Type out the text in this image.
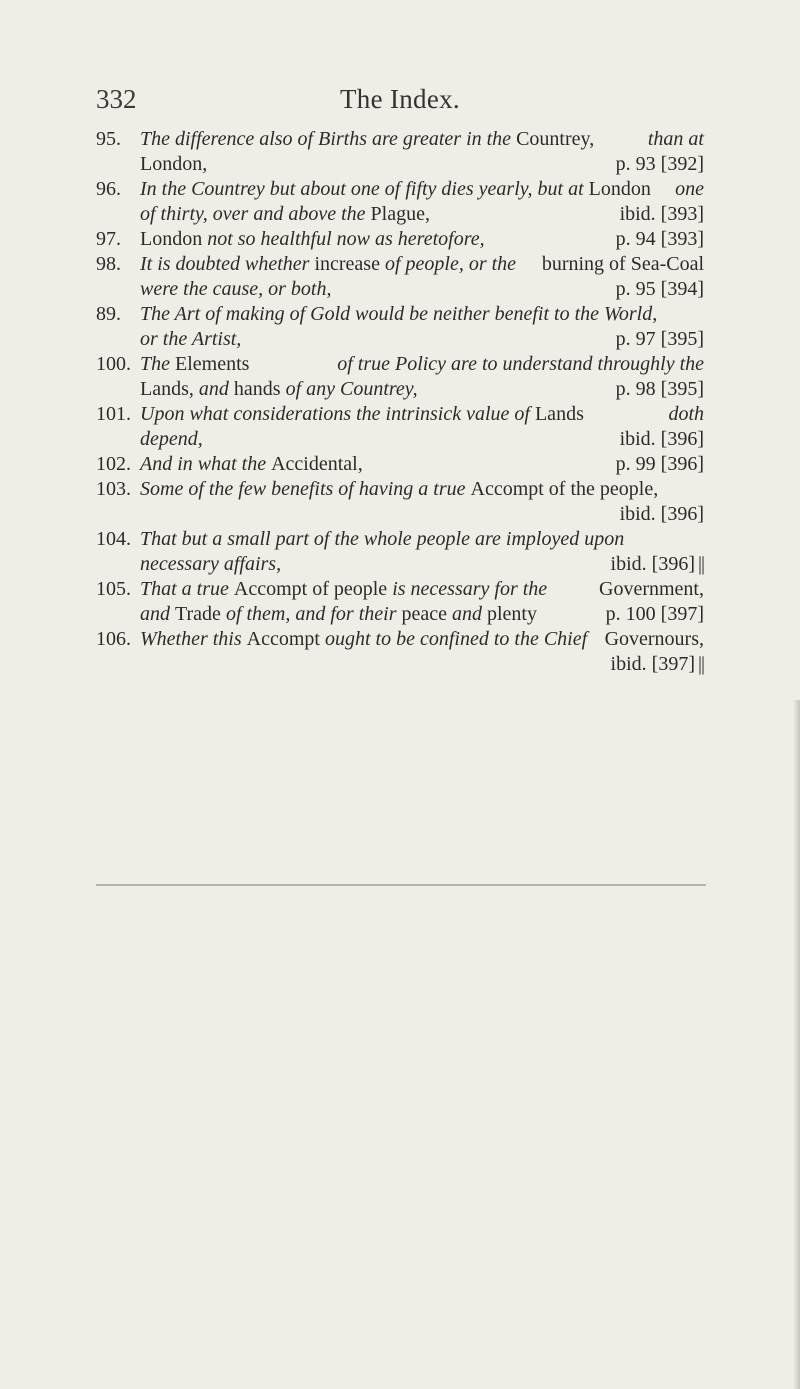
332	The Index.
95. The difference also of Births are greater in the Countrey,	than at
London,	p. 93 [392]
96. In the Countrey but about one of fifty dies yearly, but at London one
of thirty, over and above the Plague,	ibid. [393]
97. London not so healthful now as heretofore,	p. 94 [393]
98. It is doubted whether increase of people, or the burning of Sea-Coal
were the cause, or both,	p. 95 [394]
89. The Art of making of Gold would be neither benefit to the World,
or the Artist,	p. 97 [395]
100. The Elements	of true Policy are to understand throughly the
Lands, and hands of any Countrey,	p. 98 [395]
101. Upon what considerations the intrinsick value of Lands	doth
depend,	ibid. [396]
102. And in what the Accidental,	p. 99 [396]
103. Some of the few benefits of having a true Accompt of the people,
ibid. [396]
104. That but a small part of the whole people are imployed upon
necessary affairs,	ibid. [396] ||
105. That a true Accompt of people is necessary for the	Government,
and Trade of them, and for their peace and plenty	p. 100 [397]
106. Whether this Accompt ought to be confined to the Chief Governours,
ibid. [397] ||
